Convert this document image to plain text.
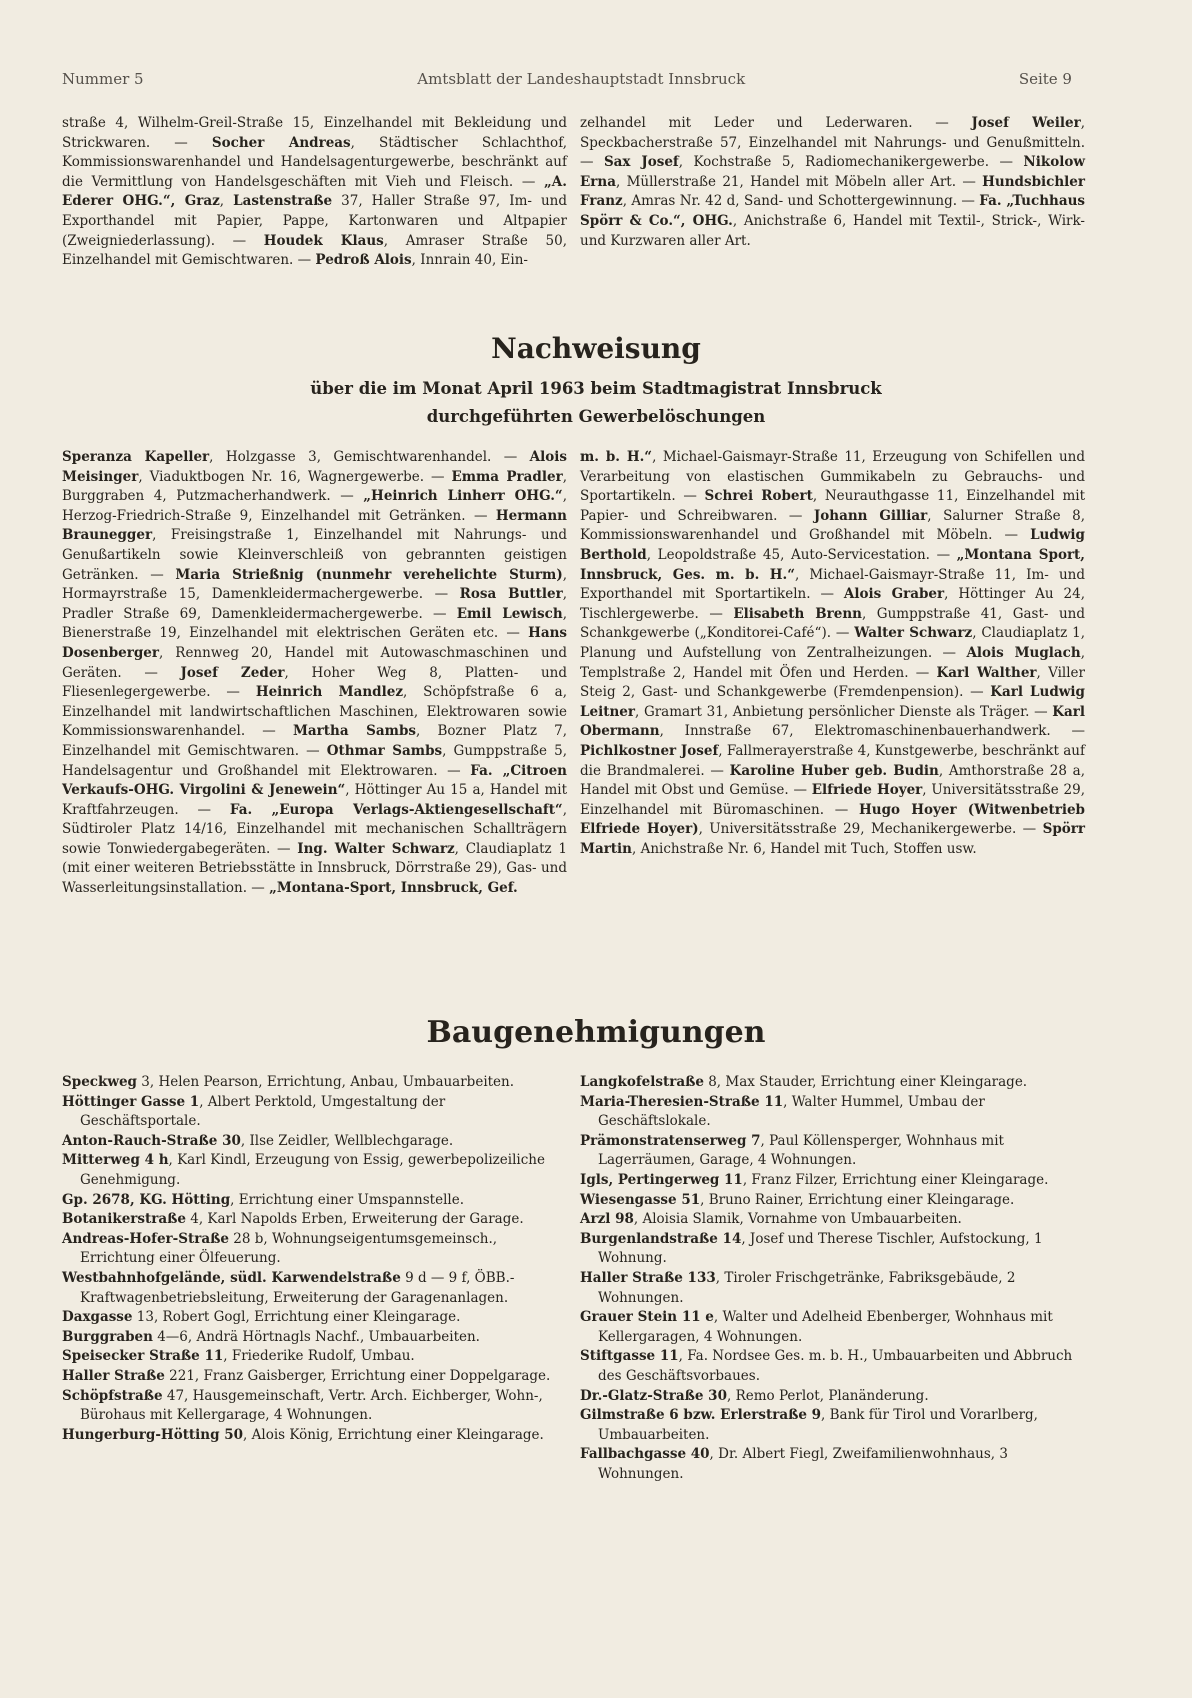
Nummer 5	Amtsblatt der Landeshauptstadt Innsbruck	Seite 9

straße 4, Wilhelm-Greil-Straße 15, Einzelhandel mit Bekleidung und Strickwaren. — Socher Andreas, Städtischer Schlachthof, Kommissionswarenhandel und Handelsagenturgewerbe, beschränkt auf die Vermittlung von Handelsgeschäften mit Vieh und Fleisch. — „A. Ederer OHG.“, Graz, Lastenstraße 37, Haller Straße 97, Im- und Exporthandel mit Papier, Pappe, Kartonwaren und Altpapier (Zweigniederlassung). — Houdek Klaus, Amraser Straße 50, Einzelhandel mit Gemischtwaren. — Pedroß Alois, Innrain 40, Ein-

zelhandel mit Leder und Lederwaren. — Josef Weiler, Speckbacherstraße 57, Einzelhandel mit Nahrungs- und Genußmitteln. — Sax Josef, Kochstraße 5, Radiomechanikergewerbe. — Nikolow Erna, Müllerstraße 21, Handel mit Möbeln aller Art. — Hundsbichler Franz, Amras Nr. 42 d, Sand- und Schottergewinnung. — Fa. „Tuchhaus Spörr & Co.“, OHG., Anichstraße 6, Handel mit Textil-, Strick-, Wirk- und Kurzwaren aller Art.

Nachweisung
über die im Monat April 1963 beim Stadtmagistrat Innsbruck
durchgeführten Gewerbelöschungen

Speranza Kapeller, Holzgasse 3, Gemischtwarenhandel. — Alois Meisinger, Viaduktbogen Nr. 16, Wagnergewerbe. — Emma Pradler, Burggraben 4, Putzmacherhandwerk. — „Heinrich Linherr OHG.“, Herzog-Friedrich-Straße 9, Einzelhandel mit Getränken. — Hermann Braunegger, Freisingstraße 1, Einzelhandel mit Nahrungs- und Genußartikeln sowie Kleinverschleiß von gebrannten geistigen Getränken. — Maria Strießnig (nunmehr verehelichte Sturm), Hormayrstraße 15, Damenkleidermachergewerbe. — Rosa Buttler, Pradler Straße 69, Damenkleidermachergewerbe. — Emil Lewisch, Bienerstraße 19, Einzelhandel mit elektrischen Geräten etc. — Hans Dosenberger, Rennweg 20, Handel mit Autowaschmaschinen und Geräten. — Josef Zeder, Hoher Weg 8, Platten- und Fliesenlegergewerbe. — Heinrich Mandlez, Schöpfstraße 6 a, Einzelhandel mit landwirtschaftlichen Maschinen, Elektrowaren sowie Kommissionswarenhandel. — Martha Sambs, Bozner Platz 7, Einzelhandel mit Gemischtwaren. — Othmar Sambs, Gumppstraße 5, Handelsagentur und Großhandel mit Elektrowaren. — Fa. „Citroen Verkaufs-OHG. Virgolini & Jenewein“, Höttinger Au 15 a, Handel mit Kraftfahrzeugen. — Fa. „Europa Verlags-Aktiengesellschaft“, Südtiroler Platz 14/16, Einzelhandel mit mechanischen Schallträgern sowie Tonwiedergabegeräten. — Ing. Walter Schwarz, Claudiaplatz 1 (mit einer weiteren Betriebsstätte in Innsbruck, Dörrstraße 29), Gas- und Wasserleitungsinstallation. — „Montana-Sport, Innsbruck, Gef.

m. b. H.“, Michael-Gaismayr-Straße 11, Erzeugung von Schifellen und Verarbeitung von elastischen Gummikabeln zu Gebrauchs- und Sportartikeln. — Schrei Robert, Neurauthgasse 11, Einzelhandel mit Papier- und Schreibwaren. — Johann Gilliar, Salurner Straße 8, Kommissionswarenhandel und Großhandel mit Möbeln. — Ludwig Berthold, Leopoldstraße 45, Auto-Servicestation. — „Montana Sport, Innsbruck, Ges. m. b. H.“, Michael-Gaismayr-Straße 11, Im- und Exporthandel mit Sportartikeln. — Alois Graber, Höttinger Au 24, Tischlergewerbe. — Elisabeth Brenn, Gumppstraße 41, Gast- und Schankgewerbe („Konditorei-Café“). — Walter Schwarz, Claudiaplatz 1, Planung und Aufstellung von Zentralheizungen. — Alois Muglach, Templstraße 2, Handel mit Öfen und Herden. — Karl Walther, Viller Steig 2, Gast- und Schankgewerbe (Fremdenpension). — Karl Ludwig Leitner, Gramart 31, Anbietung persönlicher Dienste als Träger. — Karl Obermann, Innstraße 67, Elektromaschinenbauerhandwerk. — Pichlkostner Josef, Fallmerayerstraße 4, Kunstgewerbe, beschränkt auf die Brandmalerei. — Karoline Huber geb. Budin, Amthorstraße 28 a, Handel mit Obst und Gemüse. — Elfriede Hoyer, Universitätsstraße 29, Einzelhandel mit Büromaschinen. — Hugo Hoyer (Witwenbetrieb Elfriede Hoyer), Universitätsstraße 29, Mechanikergewerbe. — Spörr Martin, Anichstraße Nr. 6, Handel mit Tuch, Stoffen usw.

Baugenehmigungen

Speckweg 3, Helen Pearson, Errichtung, Anbau, Umbauarbeiten.

Höttinger Gasse 1, Albert Perktold, Umgestaltung der Geschäftsportale.

Anton-Rauch-Straße 30, Ilse Zeidler, Wellblechgarage.

Mitterweg 4 h, Karl Kindl, Erzeugung von Essig, gewerbepolizeiliche Genehmigung.

Gp. 2678, KG. Hötting, Errichtung einer Umspannstelle.

Botanikerstraße 4, Karl Napolds Erben, Erweiterung der Garage.

Andreas-Hofer-Straße 28 b, Wohnungseigentumsgemeinsch., Errichtung einer Ölfeuerung.

Westbahnhofgelände, südl. Karwendelstraße 9 d — 9 f, ÖBB.-Kraftwagenbetriebsleitung, Erweiterung der Garagenanlagen.

Daxgasse 13, Robert Gogl, Errichtung einer Kleingarage.

Burggraben 4—6, Andrä Hörtnagls Nachf., Umbauarbeiten.

Speisecker Straße 11, Friederike Rudolf, Umbau.

Haller Straße 221, Franz Gaisberger, Errichtung einer Doppelgarage.

Schöpfstraße 47, Hausgemeinschaft, Vertr. Arch. Eichberger, Wohn-, Bürohaus mit Kellergarage, 4 Wohnungen.

Hungerburg-Hötting 50, Alois König, Errichtung einer Kleingarage.

Langkofelstraße 8, Max Stauder, Errichtung einer Kleingarage.

Maria-Theresien-Straße 11, Walter Hummel, Umbau der Geschäftslokale.

Prämonstratenserweg 7, Paul Köllensperger, Wohnhaus mit Lagerräumen, Garage, 4 Wohnungen.

Igls, Pertingerweg 11, Franz Filzer, Errichtung einer Kleingarage.

Wiesengasse 51, Bruno Rainer, Errichtung einer Kleingarage.

Arzl 98, Aloisia Slamik, Vornahme von Umbauarbeiten.

Burgenlandstraße 14, Josef und Therese Tischler, Aufstockung, 1 Wohnung.

Haller Straße 133, Tiroler Frischgetränke, Fabriksgebäude, 2 Wohnungen.

Grauer Stein 11 e, Walter und Adelheid Ebenberger, Wohnhaus mit Kellergaragen, 4 Wohnungen.

Stiftgasse 11, Fa. Nordsee Ges. m. b. H., Umbauarbeiten und Abbruch des Geschäftsvorbaues.

Dr.-Glatz-Straße 30, Remo Perlot, Planänderung.

Gilmstraße 6 bzw. Erlerstraße 9, Bank für Tirol und Vorarlberg, Umbauarbeiten.

Fallbachgasse 40, Dr. Albert Fiegl, Zweifamilienwohnhaus, 3 Wohnungen.
